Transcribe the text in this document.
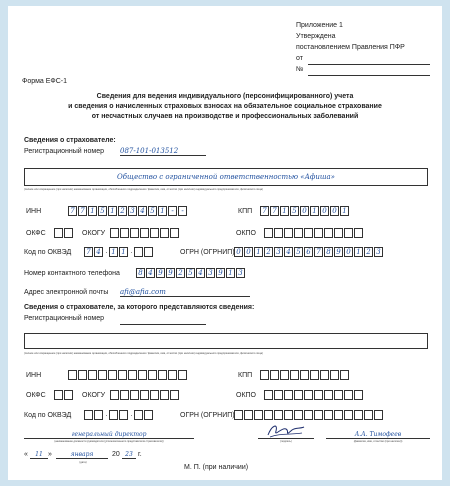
Приложение 1
Утверждена
постановлением Правления ПФР
от
№
Форма ЕФС-1
Сведения для ведения индивидуального (персонифицированного) учета
и сведения о начисленных страховых взносах на обязательное социальное страхование
от несчастных случаев на производстве и профессиональных заболеваний
Сведения о страхователе:
Регистрационный номер 087-101-013512
Общество с ограниченной ответственностью «Афиша»
(полное или сокращенное (при наличии) наименование организации, обособленного подразделения / фамилия, имя, отчество (при наличии) индивидуального предпринимателя, физического лица)
ИНН	7 7 1 5 1 2 3 4 5 1 -	-	КПП	7 7 1 5 0 1 0 0 1
ОКФС	ОКОГУ	ОКПО
Код по ОКВЭД	7 4 . 1 1 .	ОГРН (ОГРНИП) 0 0 1 2 3 4 5 6 7 8 9 0 1 2 3
Номер контактного телефона	8 4 9 9 2 5 4 3 9 1 3
Адрес электронной почты afi@afia.com
Сведения о страхователе, за которого представляются сведения:
Регистрационный номер
(полное или сокращенное (при наличии) наименование организации, обособленного подразделения / фамилия, имя, отчество (при наличии) индивидуального предпринимателя, физического лица)
ИНН	КПП
ОКФС	ОКОГУ	ОКПО
Код по ОКВЭД	.	.	ОГРН (ОГРНИП)
генеральный директор
(наименование должности руководителя (уполномоченного представителя страхователя))	(подпись)
А.А. Тимофеев
(фамилия, имя, отчество (при наличии))
«	11 »	января	20 23 г.
(дата)
М. П. (при наличии)
